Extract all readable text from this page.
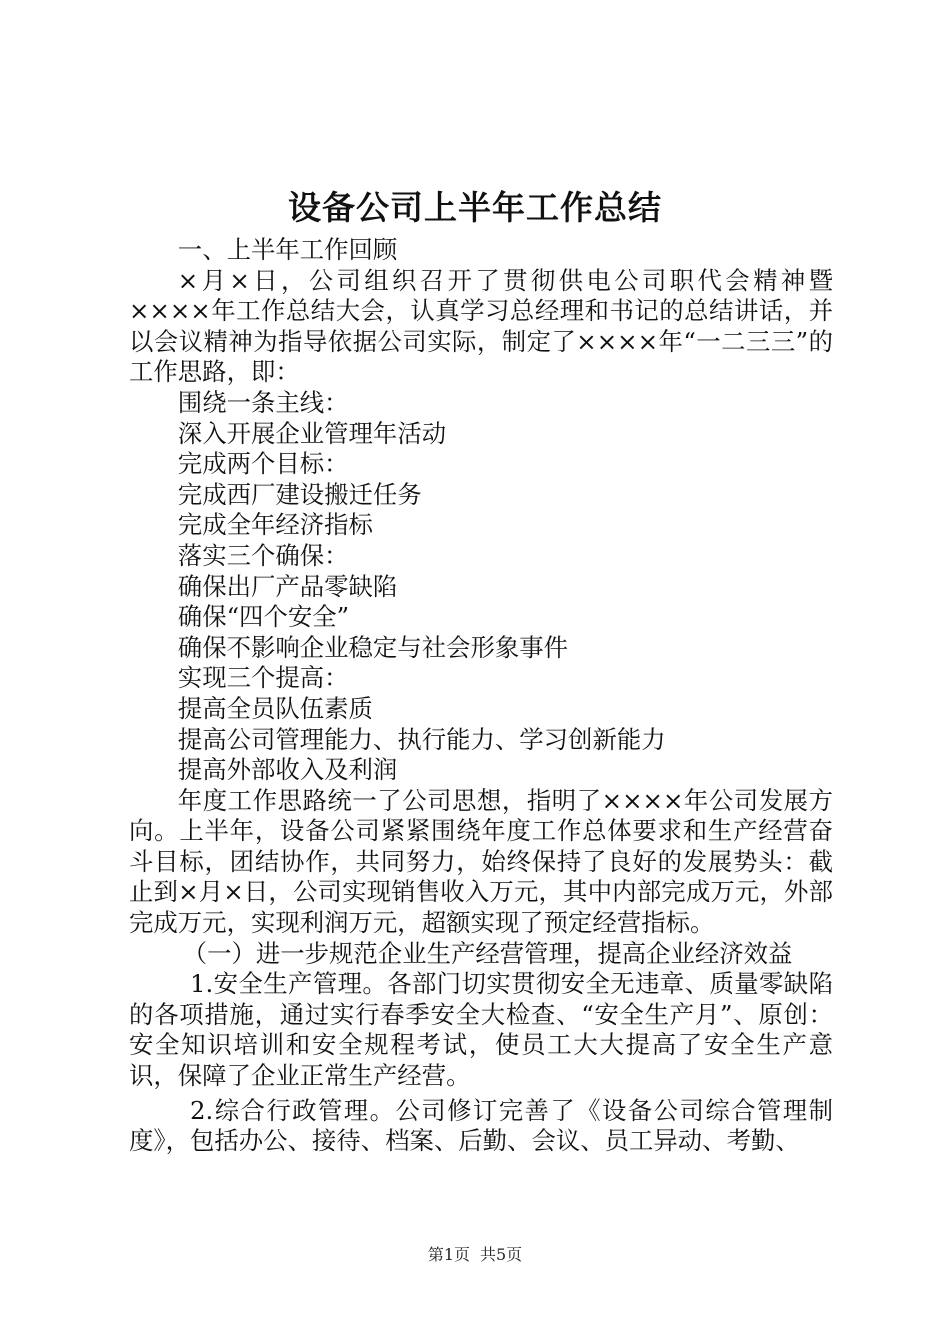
设备公司上半年工作总结

一、上半年工作回顾

×月×日，公司组织召开了贯彻供电公司职代会精神暨××××年工作总结大会，认真学习总经理和书记的总结讲话，并以会议精神为指导依据公司实际，制定了××××年“一二三三”的工作思路，即：

围绕一条主线：

深入开展企业管理年活动

完成两个目标：

完成西厂建设搬迁任务

完成全年经济指标

落实三个确保：

确保出厂产品零缺陷

确保“四个安全”

确保不影响企业稳定与社会形象事件

实现三个提高：

提高全员队伍素质

提高公司管理能力、执行能力、学习创新能力

提高外部收入及利润

年度工作思路统一了公司思想，指明了××××年公司发展方向。上半年，设备公司紧紧围绕年度工作总体要求和生产经营奋斗目标，团结协作，共同努力，始终保持了良好的发展势头：截止到×月×日，公司实现销售收入万元，其中内部完成万元，外部完成万元，实现利润万元，超额实现了预定经营指标。

（一）进一步规范企业生产经营管理，提高企业经济效益

1.安全生产管理。各部门切实贯彻安全无违章、质量零缺陷的各项措施，通过实行春季安全大检查、“安全生产月”、原创：安全知识培训和安全规程考试，使员工大大提高了安全生产意识，保障了企业正常生产经营。

2.综合行政管理。公司修订完善了《设备公司综合管理制度》，包括办公、接待、档案、后勤、会议、员工异动、考勤、

第1页 共5页
